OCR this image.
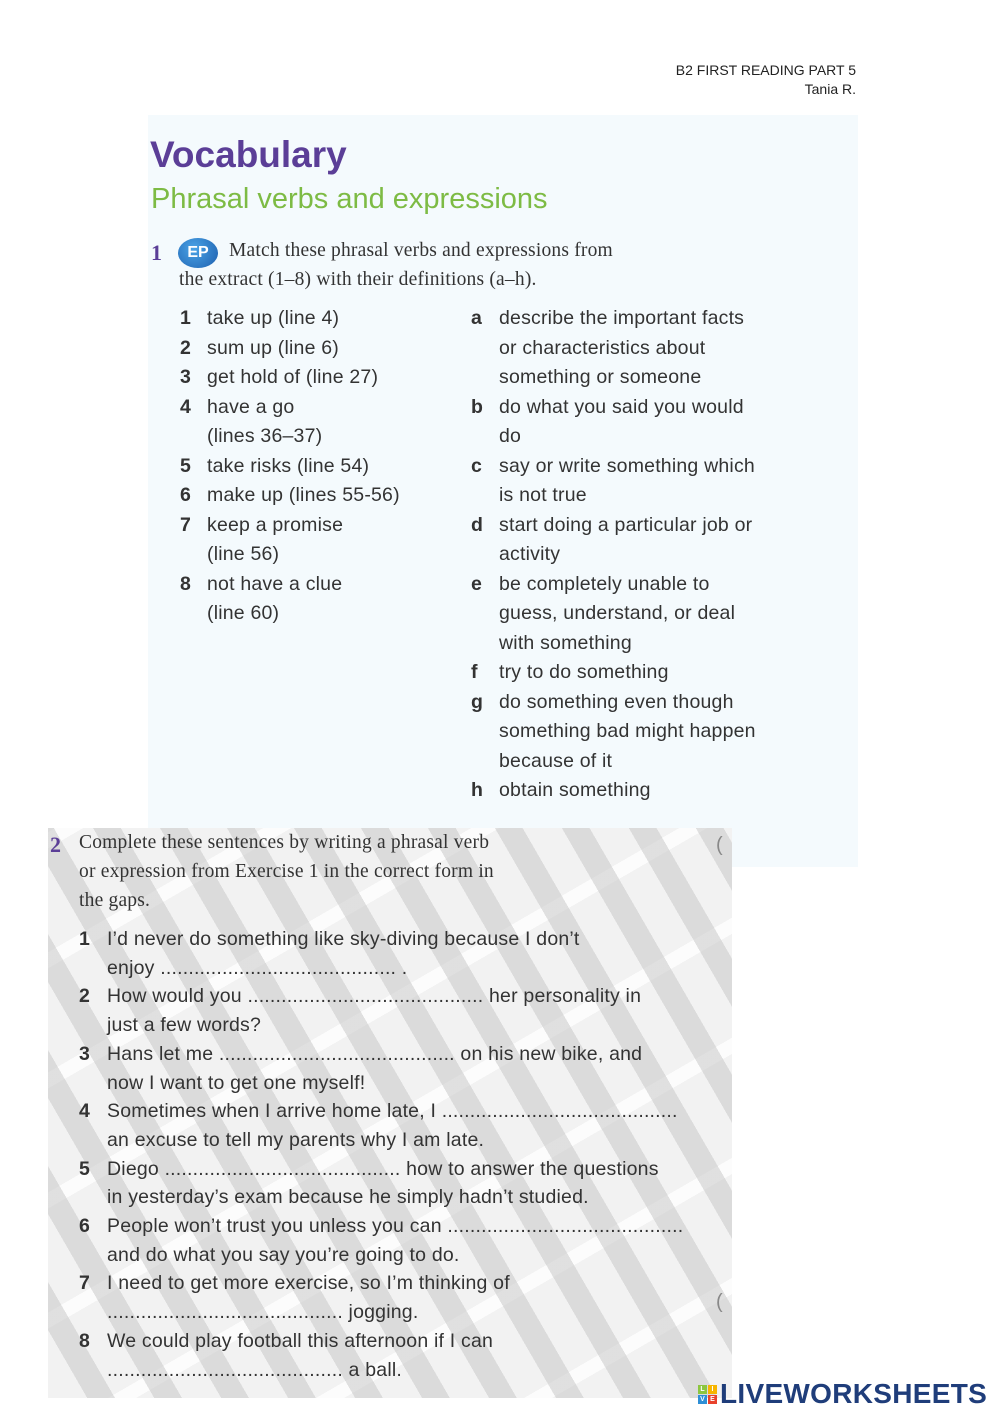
B2 FIRST READING PART 5
Tania R.
Vocabulary
Phrasal verbs and expressions
1	EP	Match these phrasal verbs and expressions from
the extract (1–8) with their definitions (a–h).
1 take up (line 4)
2 sum up (line 6)
3 get hold of (line 27)
4 have a go
(lines 36–37)
5 take risks (line 54)
6 make up (lines 55-56)
7 keep a promise
(line 56)
8 not have a clue
(line 60)
a describe the important facts
or characteristics about
something or someone
b do what you said you would
do
c say or write something which
is not true
d start doing a particular job or
activity
e be completely unable to
guess, understand, or deal
with something
f try to do something
g do something even though
something bad might happen
because of it
h obtain something
2 Complete these sentences by writing a phrasal verb
or expression from Exercise 1 in the correct form in
the gaps.
(
(
1 I’d never do something like sky-diving because I don’t
enjoy .......................................... .
2 How would you .......................................... her personality in
just a few words?
3 Hans let me .......................................... on his new bike, and
now I want to get one myself!
4 Sometimes when I arrive home late, I ..........................................
an excuse to tell my parents why I am late.
5 Diego .......................................... how to answer the questions
in yesterday’s exam because he simply hadn’t studied.
6 People won’t trust you unless you can ..........................................
and do what you say you’re going to do.
7 I need to get more exercise, so I’m thinking of
.......................................... jogging.
8 We could play football this afternoon if I can
.......................................... a ball.
L I
V E LIVEWORKSHEETS
